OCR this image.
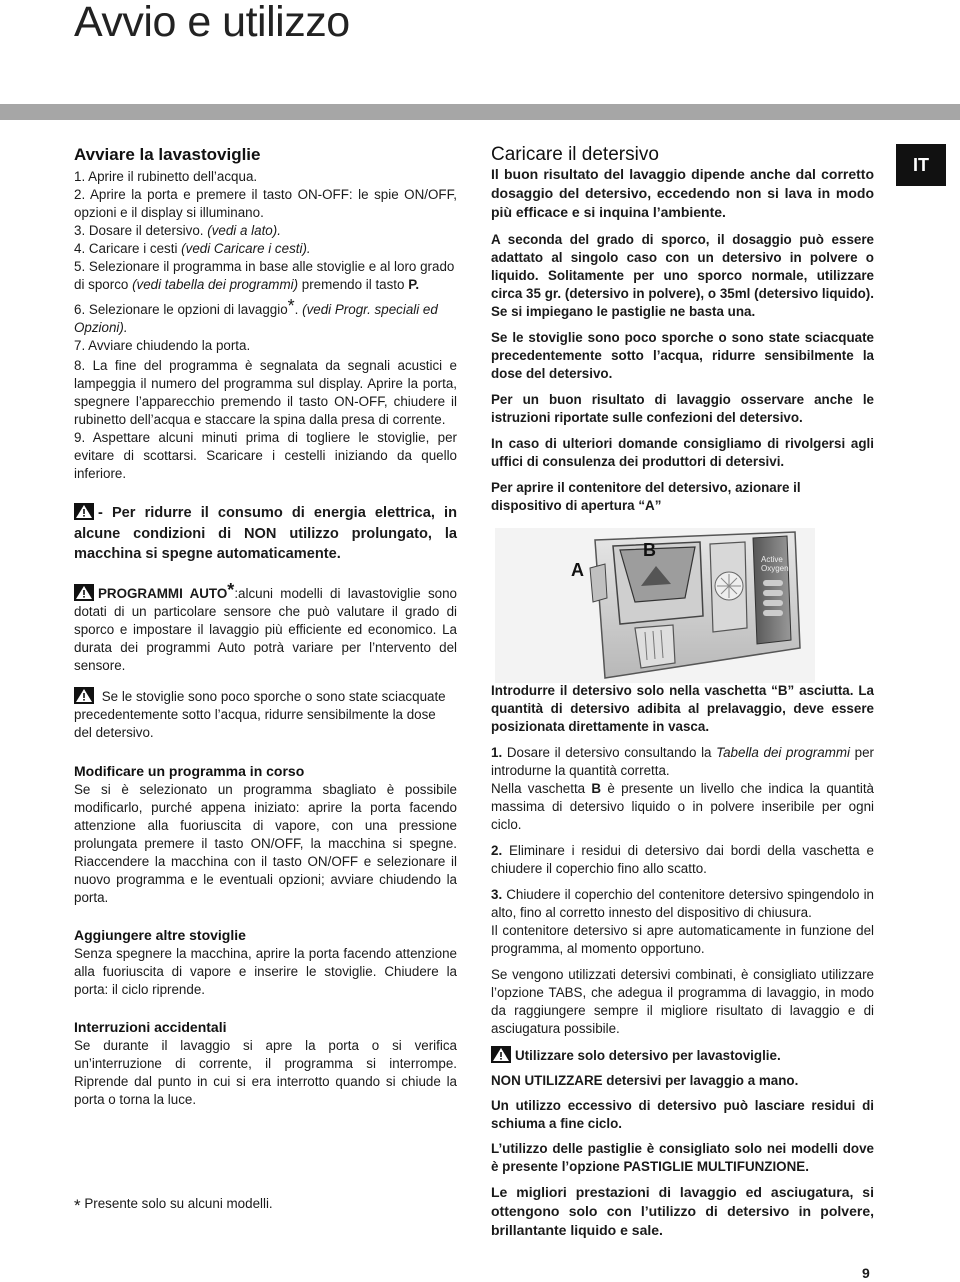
Avvio e utilizzo
IT
Avviare la lavastoviglie

1. Aprire il rubinetto dell’acqua.

2. Aprire la porta e premere il tasto ON-OFF: le spie ON/OFF, opzioni e il display si illuminano.

3. Dosare il detersivo. (vedi a lato).

4. Caricare i cesti (vedi Caricare i cesti).

5. Selezionare il programma in base alle stoviglie e al loro grado di sporco (vedi tabella dei programmi) premendo il tasto P.

6. Selezionare le opzioni di lavaggio*. (vedi Progr. speciali ed Opzioni).

7. Avviare chiudendo la porta.

8. La fine del programma è segnalata da segnali acustici e lampeggia il numero del programma sul display. Aprire la porta, spegnere l’apparecchio premendo il tasto ON-OFF, chiudere il rubinetto dell’acqua e staccare la spina dalla presa di corrente.

9. Aspettare alcuni minuti prima di togliere le stoviglie, per evitare di scottarsi. Scaricare i cestelli iniziando da quello inferiore.

- Per ridurre il consumo di energia elettrica, in alcune condizioni di NON utilizzo prolungato, la macchina si spegne automaticamente.

PROGRAMMI AUTO*:alcuni modelli di lavastoviglie sono dotati di un particolare sensore che può valutare il grado di sporco e impostare il lavaggio più efficiente ed economico. La durata dei programmi Auto potrà variare per l’ntervento del sensore.

Se le stoviglie sono poco sporche o sono state sciacquate precedentemente sotto l’acqua, ridurre sensibilmente la dose del detersivo.

Modificare un programma in corso

Se si è selezionato un programma sbagliato è possibile modificarlo, purché appena iniziato: aprire la porta facendo attenzione alla fuoriuscita di vapore, con una pressione prolungata premere il tasto ON/OFF, la macchina si spegne. Riaccendere la macchina con il tasto ON/OFF e selezionare il nuovo programma e le eventuali opzioni; avviare chiudendo la porta.

Aggiungere altre stoviglie

Senza spegnere la macchina, aprire la porta facendo attenzione alla fuoriuscita di vapore e inserire le stoviglie. Chiudere la porta: il ciclo riprende.

Interruzioni accidentali

Se durante il lavaggio si apre la porta o si verifica un’interruzione di corrente, il programma si interrompe. Riprende dal punto in cui si era interrotto quando si chiude la porta o torna la luce.

* Presente solo su alcuni modelli.
Caricare il detersivo

Il buon risultato del lavaggio dipende anche dal corretto dosaggio del detersivo, eccedendo non si lava in modo più efficace e si inquina l’ambiente.

A seconda del grado di sporco, il dosaggio può essere adattato al singolo caso con un detersivo in polvere o liquido. Solitamente per uno sporco normale, utilizzare circa 35 gr. (detersivo in polvere), o 35ml (detersivo liquido). Se si impiegano le pastiglie ne basta una.

Se le stoviglie sono poco sporche o sono state sciacquate precedentemente sotto l’acqua, ridurre sensibilmente la dose del detersivo.

Per un buon risultato di lavaggio osservare anche le istruzioni riportate sulle confezioni del detersivo.

In caso di ulteriori domande consigliamo di rivolgersi agli uffici di consulenza dei produttori di detersivi.

Per aprire il contenitore del detersivo, azionare il dispositivo di apertura “A”

Active
Oxygen
A
B

Introdurre il detersivo solo nella vaschetta “B” asciutta. La quantità di detersivo adibita al prelavaggio, deve essere posizionata direttamente in vasca.

1. Dosare il detersivo consultando la Tabella dei programmi per introdurne la quantità corretta.

Nella vaschetta B è presente un livello che indica la quantità massima di detersivo liquido o in polvere inseribile per ogni ciclo.

2. Eliminare i residui di detersivo dai bordi della vaschetta e chiudere il coperchio fino allo scatto.

3. Chiudere il coperchio del contenitore detersivo spingendolo in alto, fino al corretto innesto del dispositivo di chiusura.

Il contenitore detersivo si apre automaticamente in funzione del programma, al momento opportuno.

Se vengono utilizzati detersivi combinati, è consigliato utilizzare l’opzione TABS, che adegua il programma di lavaggio, in modo da raggiungere sempre il migliore risultato di lavaggio e di asciugatura possibile.

Utilizzare solo detersivo per lavastoviglie.

NON UTILIZZARE detersivi per lavaggio a mano.

Un utilizzo eccessivo di detersivo può lasciare residui di schiuma a fine ciclo.

L’utilizzo delle pastiglie è consigliato solo nei modelli dove è presente l’opzione PASTIGLIE MULTIFUNZIONE.

Le migliori prestazioni di lavaggio ed asciugatura, si ottengono solo con l’utilizzo di detersivo in polvere, brillantante liquido e sale.

9
